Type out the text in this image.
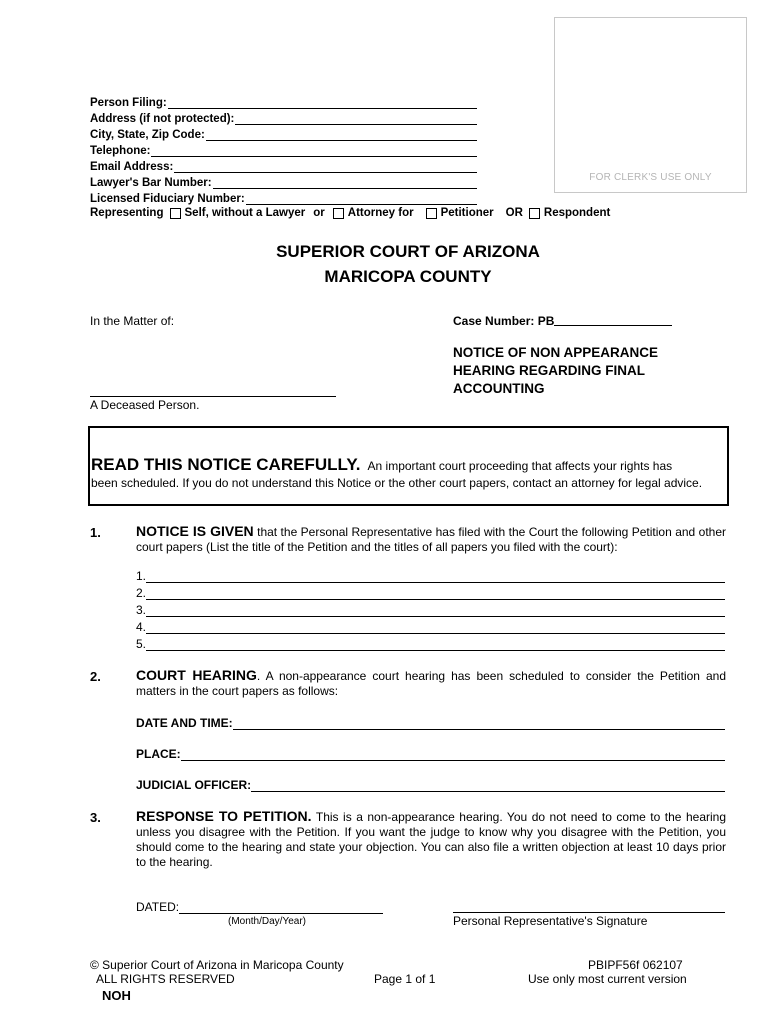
FOR CLERK'S USE ONLY
Person Filing:
Address (if not protected):
City, State, Zip Code:
Telephone:
Email Address:
Lawyer's Bar Number:
Licensed Fiduciary Number:
Representing Self, without a Lawyer or Attorney for Petitioner OR Respondent
SUPERIOR COURT OF ARIZONA
MARICOPA COUNTY
In the Matter of:	Case Number: PB
NOTICE OF NON APPEARANCE
HEARING REGARDING FINAL
ACCOUNTING
A Deceased Person.
READ THIS NOTICE CAREFULLY. An important court proceeding that affects your rights has
been scheduled. If you do not understand this Notice or the other court papers, contact an attorney for legal advice.
1.	NOTICE IS GIVEN that the Personal Representative has filed with the Court the following Petition and other court papers (List the title of the Petition and the titles of all papers you filed with the court):
1.
2.
3.
4.
5.
2.	COURT HEARING. A non-appearance court hearing has been scheduled to consider the Petition and matters in the court papers as follows:
DATE AND TIME:
PLACE:
JUDICIAL OFFICER:
3.	RESPONSE TO PETITION. This is a non-appearance hearing. You do not need to come to the hearing unless you disagree with the Petition. If you want the judge to know why you disagree with the Petition, you should come to the hearing and state your objection. You can also file a written objection at least 10 days prior to the hearing.
DATED:
(Month/Day/Year)	Personal Representative's Signature
© Superior Court of Arizona in Maricopa County
ALL RIGHTS RESERVED
NOH
Page 1 of 1
PBIPF56f 062107
Use only most current version
